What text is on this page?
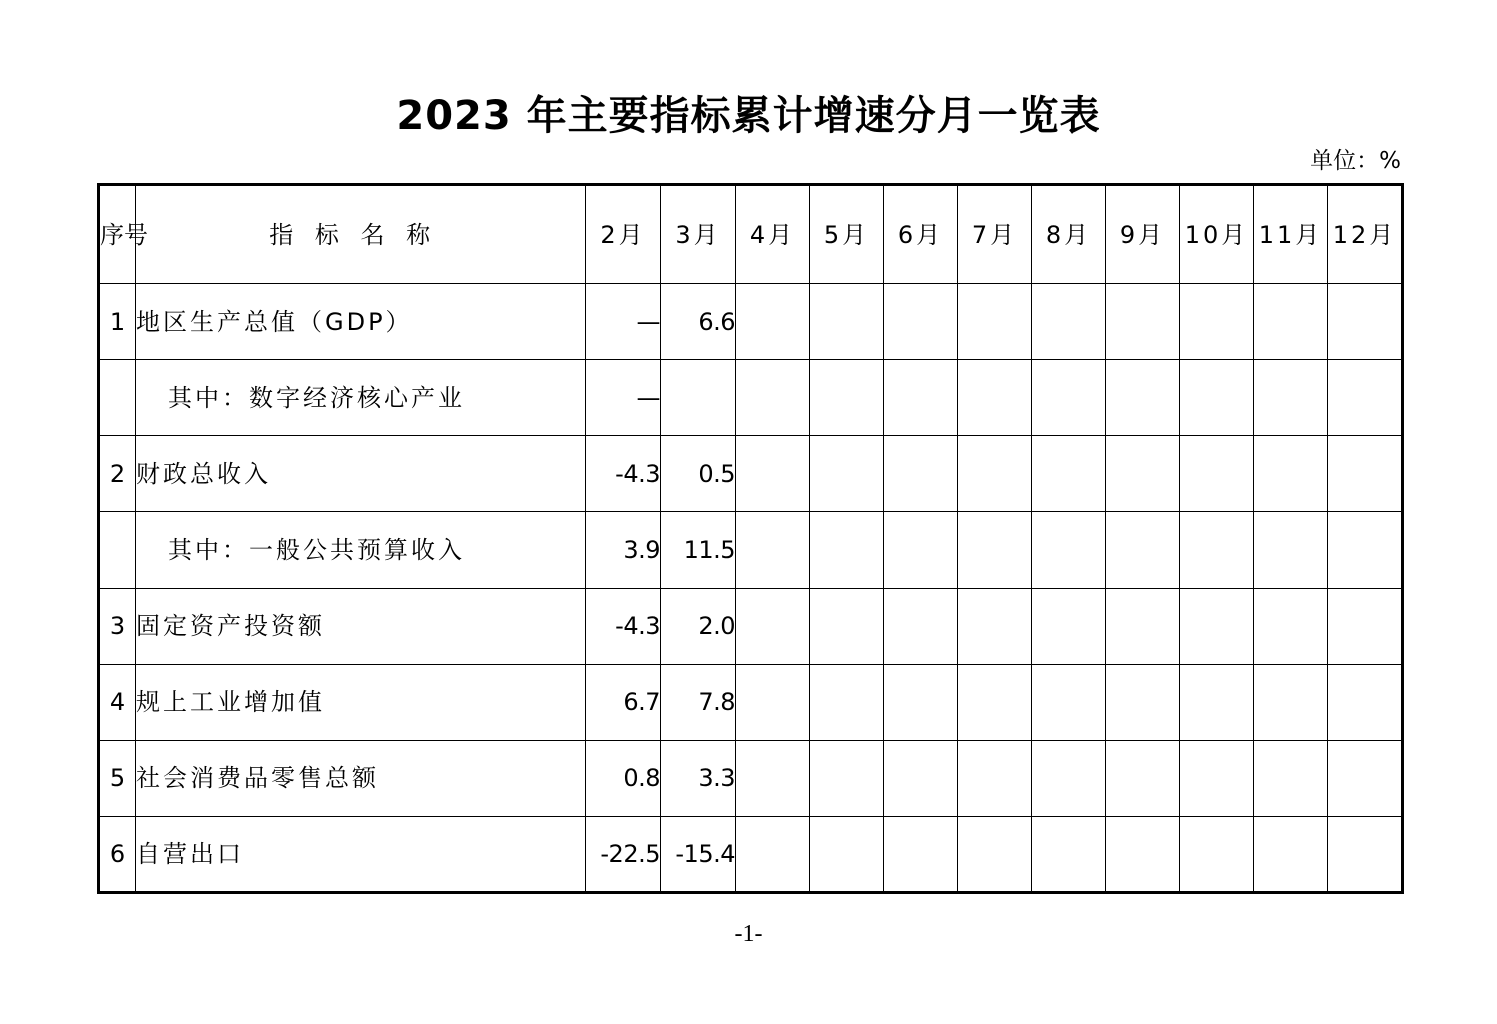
2023 年主要指标累计增速分月一览表
单位：%
序号	指标名称	2月	3月	4月	5月	6月	7月	8月	9月	10月	11月	12月
1	地区生产总值（GDP）	—	6.6									
	其中：数字经济核心产业	—										
2	财政总收入	-4.3	0.5									
	其中：一般公共预算收入	3.9	11.5									
3	固定资产投资额	-4.3	2.0									
4	规上工业增加值	6.7	7.8									
5	社会消费品零售总额	0.8	3.3									
6	自营出口	-22.5	-15.4									
-1-
